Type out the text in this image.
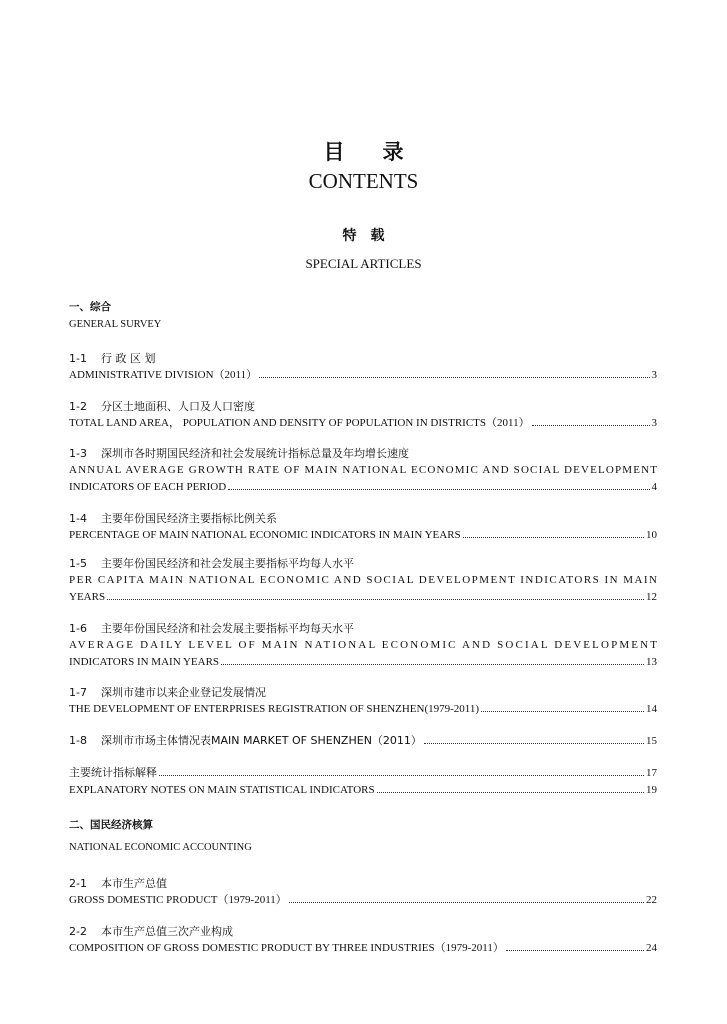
目录
CONTENTS
特载
SPECIAL ARTICLES
一、综合
GENERAL SURVEY
1-1 行 政 区 划
ADMINISTRATIVE DIVISION（2011）	3
1-2 分区土地面积、人口及人口密度
TOTAL LAND AREA， POPULATION AND DENSITY OF POPULATION IN DISTRICTS（2011）	3
1-3 深圳市各时期国民经济和社会发展统计指标总量及年均增长速度
ANNUAL AVERAGE GROWTH RATE OF MAIN NATIONAL ECONOMIC AND SOCIAL DEVELOPMENT
INDICATORS OF EACH PERIOD	4
1-4 主要年份国民经济主要指标比例关系
PERCENTAGE OF MAIN NATIONAL ECONOMIC INDICATORS IN MAIN YEARS	10
1-5 主要年份国民经济和社会发展主要指标平均每人水平
PER CAPITA MAIN NATIONAL ECONOMIC AND SOCIAL DEVELOPMENT INDICATORS IN MAIN
YEARS	12
1-6 主要年份国民经济和社会发展主要指标平均每天水平
AVERAGE DAILY LEVEL OF MAIN NATIONAL ECONOMIC AND SOCIAL DEVELOPMENT
INDICATORS IN MAIN YEARS	13
1-7 深圳市建市以来企业登记发展情况
THE DEVELOPMENT OF ENTERPRISES REGISTRATION OF SHENZHEN(1979-2011)	14
1-8	深圳市市场主体情况表MAIN MARKET OF SHENZHEN（2011）	15
主要统计指标解释	17
EXPLANATORY NOTES ON MAIN STATISTICAL INDICATORS	19
二、国民经济核算
NATIONAL ECONOMIC ACCOUNTING
2-1 本市生产总值
GROSS DOMESTIC PRODUCT（1979-2011）	22
2-2 本市生产总值三次产业构成
COMPOSITION OF GROSS DOMESTIC PRODUCT BY THREE INDUSTRIES（1979-2011）	24
